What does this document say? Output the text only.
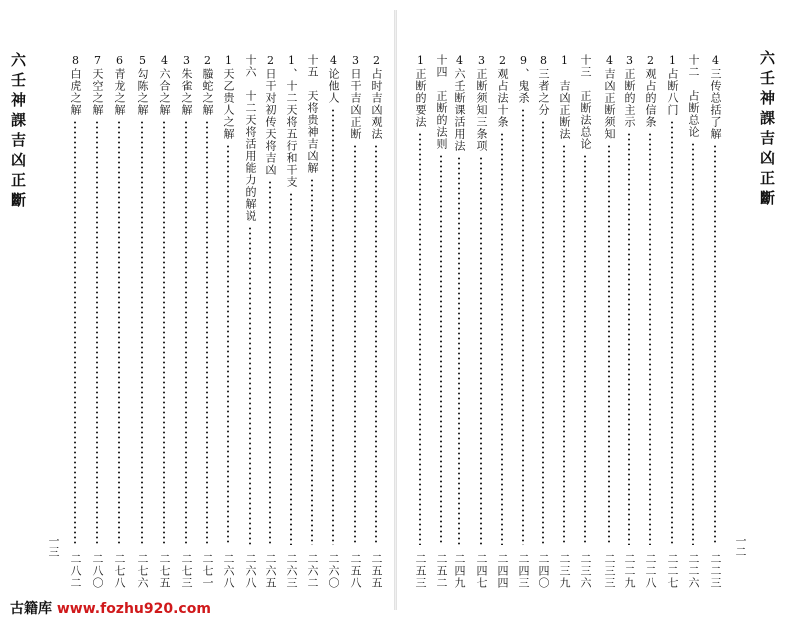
六壬神課吉凶正斷	六壬神課吉凶正斷
一三	一二
8白虎之解
二八二
7天空之解
二八〇
6青龙之解
二七八
5勾陈之解
二七六
4六合之解
二七五
3朱雀之解
二七三
2螣蛇之解
二七一
1天乙贵人之解
二六八
十六　十二天将活用能力的解说
二六八
2日干对初传天将吉凶
二六五
1、十二天将五行和干支
二六三
十五　天将贵神吉凶解
二六二
4论他人
二六〇
3日干吉凶正断
二五八
2占时吉凶观法
二五五
1正断的要法
二五三
十四　正断的法则
二五二
4六壬断课活用法
二四九
3正断须知三条项
二四七
2观占法十条
二四四
9、鬼杀
二四三
8三者之分
二四〇
1　吉凶正断法
二三九
十三　正断法总论
二三六
4吉凶正断须知
二三三
3正断的主示
二二九
2观占的信条
二二八
1占断八门
二二七
十二　占断总论
二二六
4三传总括了解
二二三
古籍库 www.fozhu920.com
